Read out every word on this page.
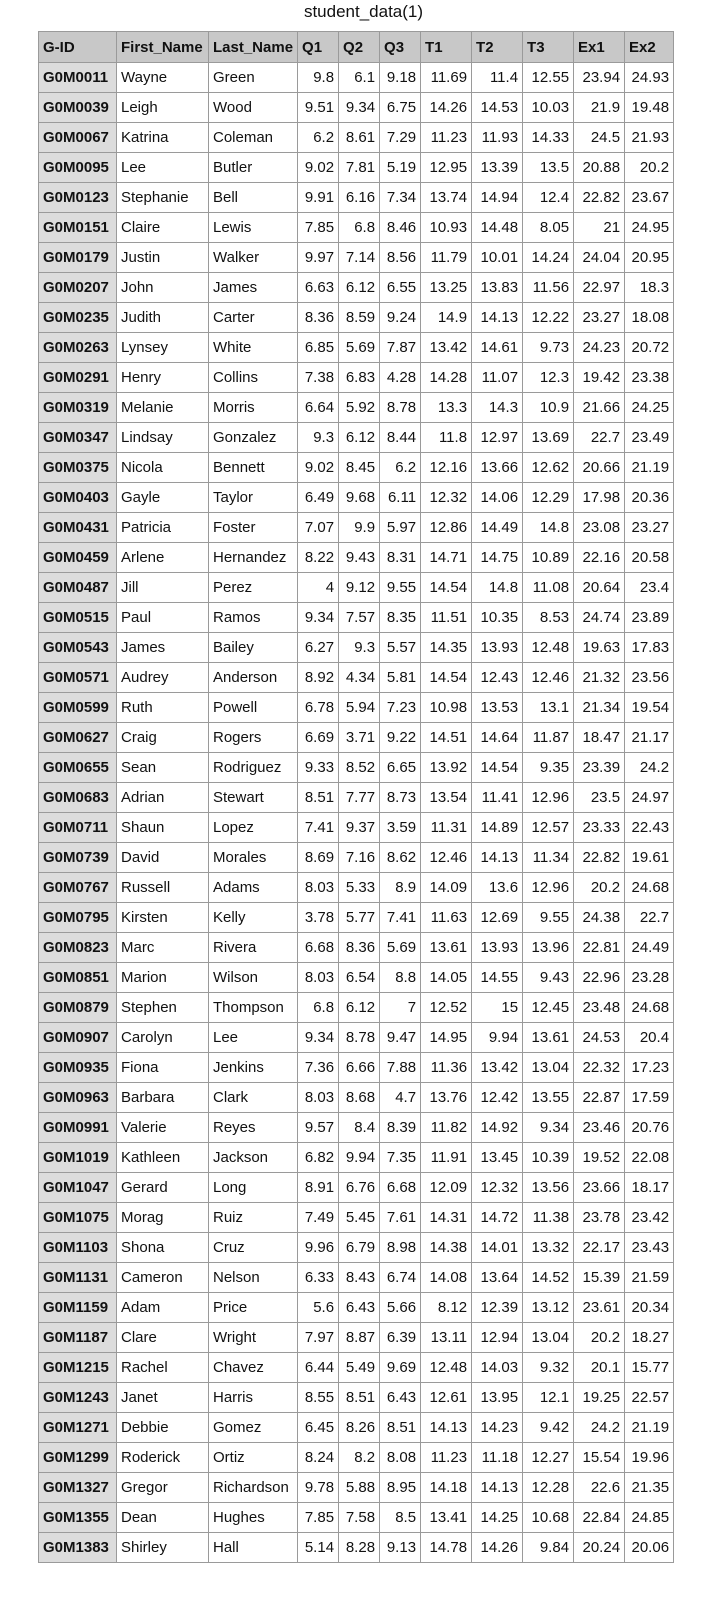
student_data(1)
G-ID	First_Name	Last_Name	Q1	Q2	Q3	T1	T2	T3	Ex1	Ex2
G0M0011	Wayne	Green	9.8	6.1	9.18	11.69	11.4	12.55	23.94	24.93
G0M0039	Leigh	Wood	9.51	9.34	6.75	14.26	14.53	10.03	21.9	19.48
G0M0067	Katrina	Coleman	6.2	8.61	7.29	11.23	11.93	14.33	24.5	21.93
G0M0095	Lee	Butler	9.02	7.81	5.19	12.95	13.39	13.5	20.88	20.2
G0M0123	Stephanie	Bell	9.91	6.16	7.34	13.74	14.94	12.4	22.82	23.67
G0M0151	Claire	Lewis	7.85	6.8	8.46	10.93	14.48	8.05	21	24.95
G0M0179	Justin	Walker	9.97	7.14	8.56	11.79	10.01	14.24	24.04	20.95
G0M0207	John	James	6.63	6.12	6.55	13.25	13.83	11.56	22.97	18.3
G0M0235	Judith	Carter	8.36	8.59	9.24	14.9	14.13	12.22	23.27	18.08
G0M0263	Lynsey	White	6.85	5.69	7.87	13.42	14.61	9.73	24.23	20.72
G0M0291	Henry	Collins	7.38	6.83	4.28	14.28	11.07	12.3	19.42	23.38
G0M0319	Melanie	Morris	6.64	5.92	8.78	13.3	14.3	10.9	21.66	24.25
G0M0347	Lindsay	Gonzalez	9.3	6.12	8.44	11.8	12.97	13.69	22.7	23.49
G0M0375	Nicola	Bennett	9.02	8.45	6.2	12.16	13.66	12.62	20.66	21.19
G0M0403	Gayle	Taylor	6.49	9.68	6.11	12.32	14.06	12.29	17.98	20.36
G0M0431	Patricia	Foster	7.07	9.9	5.97	12.86	14.49	14.8	23.08	23.27
G0M0459	Arlene	Hernandez	8.22	9.43	8.31	14.71	14.75	10.89	22.16	20.58
G0M0487	Jill	Perez	4	9.12	9.55	14.54	14.8	11.08	20.64	23.4
G0M0515	Paul	Ramos	9.34	7.57	8.35	11.51	10.35	8.53	24.74	23.89
G0M0543	James	Bailey	6.27	9.3	5.57	14.35	13.93	12.48	19.63	17.83
G0M0571	Audrey	Anderson	8.92	4.34	5.81	14.54	12.43	12.46	21.32	23.56
G0M0599	Ruth	Powell	6.78	5.94	7.23	10.98	13.53	13.1	21.34	19.54
G0M0627	Craig	Rogers	6.69	3.71	9.22	14.51	14.64	11.87	18.47	21.17
G0M0655	Sean	Rodriguez	9.33	8.52	6.65	13.92	14.54	9.35	23.39	24.2
G0M0683	Adrian	Stewart	8.51	7.77	8.73	13.54	11.41	12.96	23.5	24.97
G0M0711	Shaun	Lopez	7.41	9.37	3.59	11.31	14.89	12.57	23.33	22.43
G0M0739	David	Morales	8.69	7.16	8.62	12.46	14.13	11.34	22.82	19.61
G0M0767	Russell	Adams	8.03	5.33	8.9	14.09	13.6	12.96	20.2	24.68
G0M0795	Kirsten	Kelly	3.78	5.77	7.41	11.63	12.69	9.55	24.38	22.7
G0M0823	Marc	Rivera	6.68	8.36	5.69	13.61	13.93	13.96	22.81	24.49
G0M0851	Marion	Wilson	8.03	6.54	8.8	14.05	14.55	9.43	22.96	23.28
G0M0879	Stephen	Thompson	6.8	6.12	7	12.52	15	12.45	23.48	24.68
G0M0907	Carolyn	Lee	9.34	8.78	9.47	14.95	9.94	13.61	24.53	20.4
G0M0935	Fiona	Jenkins	7.36	6.66	7.88	11.36	13.42	13.04	22.32	17.23
G0M0963	Barbara	Clark	8.03	8.68	4.7	13.76	12.42	13.55	22.87	17.59
G0M0991	Valerie	Reyes	9.57	8.4	8.39	11.82	14.92	9.34	23.46	20.76
G0M1019	Kathleen	Jackson	6.82	9.94	7.35	11.91	13.45	10.39	19.52	22.08
G0M1047	Gerard	Long	8.91	6.76	6.68	12.09	12.32	13.56	23.66	18.17
G0M1075	Morag	Ruiz	7.49	5.45	7.61	14.31	14.72	11.38	23.78	23.42
G0M1103	Shona	Cruz	9.96	6.79	8.98	14.38	14.01	13.32	22.17	23.43
G0M1131	Cameron	Nelson	6.33	8.43	6.74	14.08	13.64	14.52	15.39	21.59
G0M1159	Adam	Price	5.6	6.43	5.66	8.12	12.39	13.12	23.61	20.34
G0M1187	Clare	Wright	7.97	8.87	6.39	13.11	12.94	13.04	20.2	18.27
G0M1215	Rachel	Chavez	6.44	5.49	9.69	12.48	14.03	9.32	20.1	15.77
G0M1243	Janet	Harris	8.55	8.51	6.43	12.61	13.95	12.1	19.25	22.57
G0M1271	Debbie	Gomez	6.45	8.26	8.51	14.13	14.23	9.42	24.2	21.19
G0M1299	Roderick	Ortiz	8.24	8.2	8.08	11.23	11.18	12.27	15.54	19.96
G0M1327	Gregor	Richardson	9.78	5.88	8.95	14.18	14.13	12.28	22.6	21.35
G0M1355	Dean	Hughes	7.85	7.58	8.5	13.41	14.25	10.68	22.84	24.85
G0M1383	Shirley	Hall	5.14	8.28	9.13	14.78	14.26	9.84	20.24	20.06
